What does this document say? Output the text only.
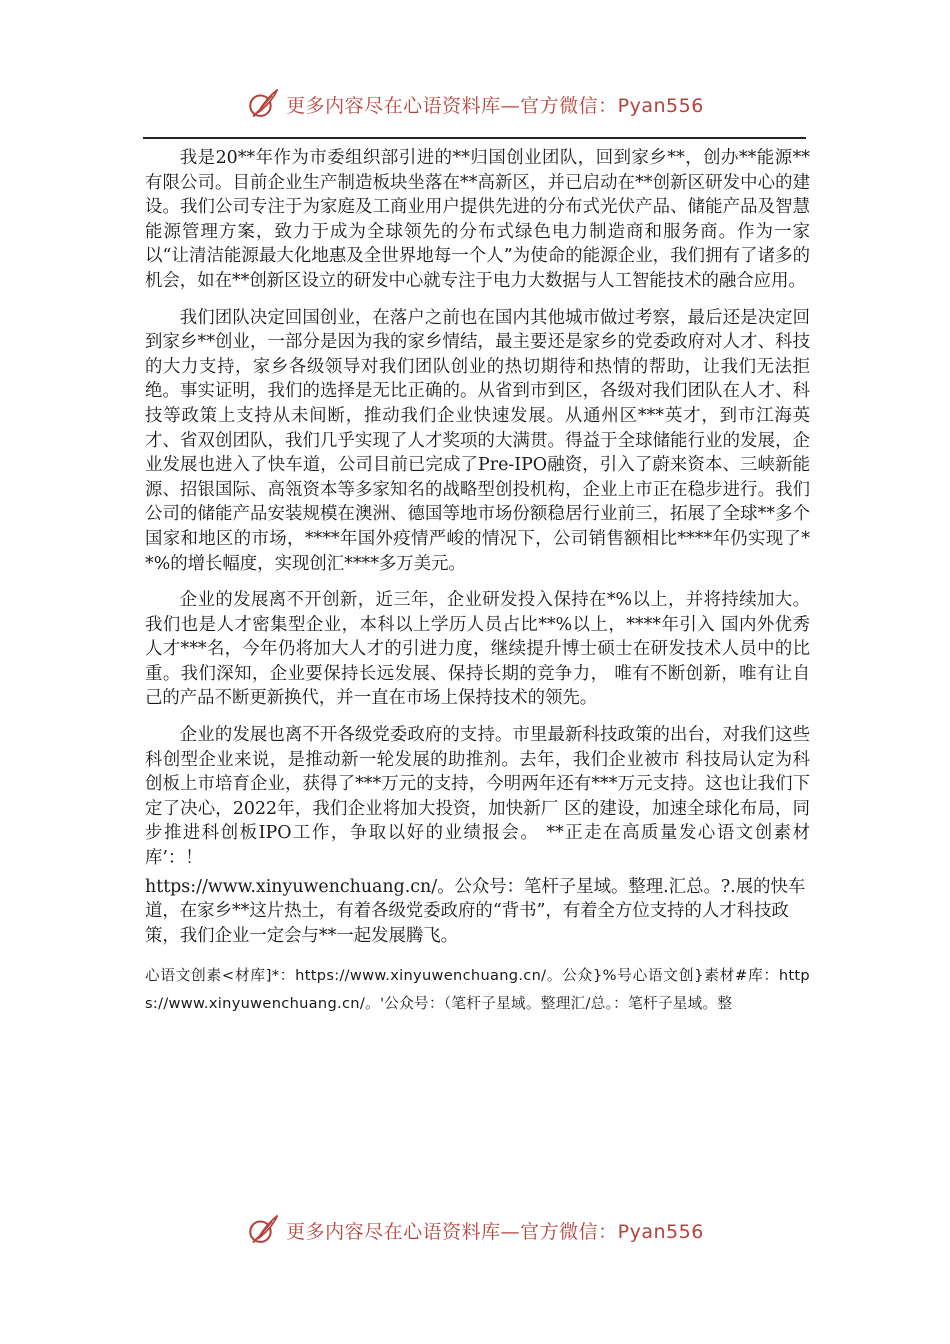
更多内容尽在心语资料库—官方微信：Pyan556

我是20**年作为市委组织部引进的**归国创业团队，回到家乡**，创办**能源**有限公司。目前企业生产制造板块坐落在**高新区，并已启动在**创新区研发中心的建设。我们公司专注于为家庭及工商业用户提供先进的分布式光伏产品、储能产品及智慧能源管理方案，致力于成为全球领先的分布式绿色电力制造商和服务商。作为一家以“让清洁能源最大化地惠及全世界地每一个人”为使命的能源企业，我们拥有了诸多的机会，如在**创新区设立的研发中心就专注于电力大数据与人工智能技术的融合应用。

我们团队决定回国创业，在落户之前也在国内其他城市做过考察，最后还是决定回到家乡**创业，一部分是因为我的家乡情结，最主要还是家乡的党委政府对人才、科技的大力支持，家乡各级领导对我们团队创业的热切期待和热情的帮助，让我们无法拒绝。事实证明，我们的选择是无比正确的。从省到市到区，各级对我们团队在人才、科技等政策上支持从未间断，推动我们企业快速发展。从通州区***英才，到市江海英才、省双创团队，我们几乎实现了人才奖项的大满贯。得益于全球储能行业的发展，企业发展也进入了快车道，公司目前已完成了Pre-IPO融资，引入了蔚来资本、三峡新能源、招银国际、高瓴资本等多家知名的战略型创投机构，企业上市正在稳步进行。我们公司的储能产品安装规模在澳洲、德国等地市场份额稳居行业前三，拓展了全球**多个国家和地区的市场，****年国外疫情严峻的情况下，公司销售额相比****年仍实现了**%的增长幅度，实现创汇****多万美元。

企业的发展离不开创新，近三年，企业研发投入保持在*%以上，并将持续加大。我们也是人才密集型企业，本科以上学历人员占比**%以上，****年引入 国内外优秀人才***名，今年仍将加大人才的引进力度，继续提升博士硕士在研发技术人员中的比重。我们深知，企业要保持长远发展、保持长期的竞争力， 唯有不断创新，唯有让自己的产品不断更新换代，并一直在市场上保持技术的领先。

企业的发展也离不开各级党委政府的支持。市里最新科技政策的出台，对我们这些科创型企业来说，是推动新一轮发展的助推剂。去年，我们企业被市 科技局认定为科创板上市培育企业，获得了***万元的支持，今明两年还有***万元支持。这也让我们下定了决心，2022年，我们企业将加大投资，加快新厂 区的建设，加速全球化布局，同步推进科创板IPO工作，争取以好的业绩报会。 **正走在高质量发心语文创素材库’：！

https://www.xinyuwenchuang.cn/。公众号：笔杆子星域。整理.汇总。?.展的快车道，在家乡**这片热土，有着各级党委政府的“背书”，有着全方位支持的人才科技政策，我们企业一定会与**一起发展腾飞。

心语文创素<材库]*：https://www.xinyuwenchuang.cn/。公众}%号心语文创}素材#库：https://www.xinyuwenchuang.cn/。'公众号：（笔杆子星域。整理汇/总。：笔杆子星域。整
更多内容尽在心语资料库—官方微信：Pyan556
